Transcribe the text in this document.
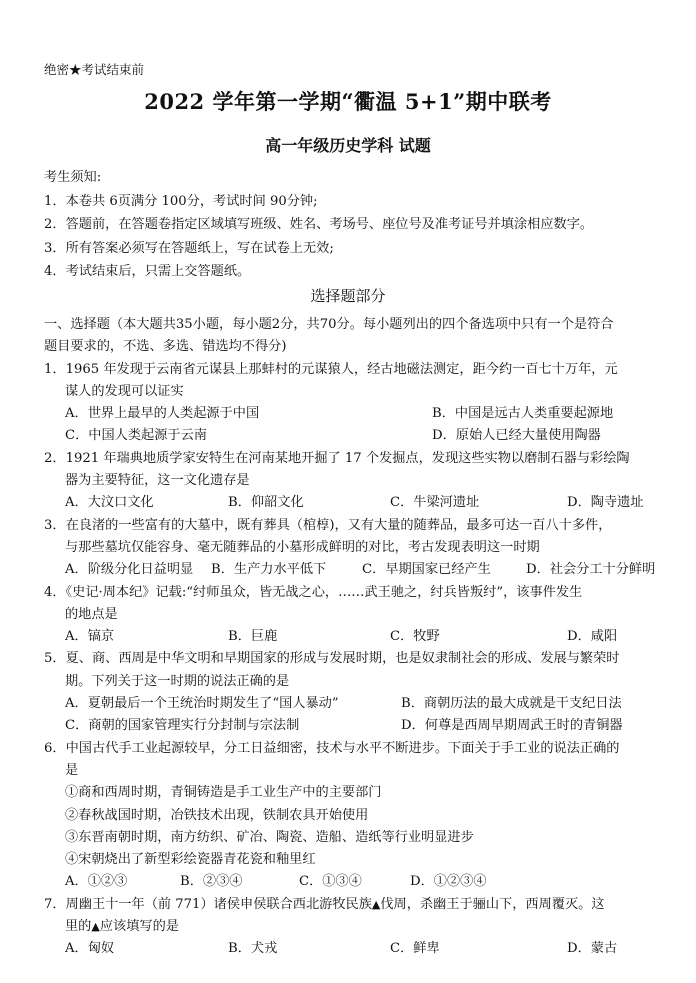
绝密★考试结束前
2022 学年第一学期“衢温 5+1”期中联考
高一年级历史学科 试题
考生须知:
1．本卷共 6页满分 100分，考试时间 90分钟;
2．答题前，在答题卷指定区域填写班级、姓名、考场号、座位号及准考证号并填涂相应数字。
3．所有答案必须写在答题纸上，写在试卷上无效;
4．考试结束后，只需上交答题纸。
选择题部分
一、选择题（本大题共35小题，每小题2分，共70分。每小题列出的四个备选项中只有一个是符合
题目要求的，不选、多选、错选均不得分)
1．1965 年发现于云南省元谋县上那蚌村的元谋猿人，经古地磁法测定，距今约一百七十万年，元
谋人的发现可以证实
A．世界上最早的人类起源于中国	B．中国是远古人类重要起源地
C．中国人类起源于云南	D．原始人已经大量使用陶器
2．1921 年瑞典地质学家安特生在河南某地开掘了 17 个发掘点，发现这些实物以磨制石器与彩绘陶
器为主要特征，这一文化遗存是
A．大汶口文化	B．仰韶文化	C．牛梁河遗址	D．陶寺遗址
3．在良渚的一些富有的大墓中，既有葬具（棺椁)，又有大量的随葬品，最多可达一百八十多件，
与那些墓坑仅能容身、毫无随葬品的小墓形成鲜明的对比，考古发现表明这一时期
A．阶级分化日益明显	B．生产力水平低下	C．早期国家已经产生	D．社会分工十分鲜明
4．《史记·周本纪》记载:“纣师虽众，皆无战之心，……武王驰之，纣兵皆叛纣”，该事件发生
的地点是
A．镐京	B．巨鹿	C．牧野	D．咸阳
5．夏、商、西周是中华文明和早期国家的形成与发展时期，也是奴隶制社会的形成、发展与繁荣时
期。下列关于这一时期的说法正确的是
A．夏朝最后一个王统治时期发生了“国人暴动”	B．商朝历法的最大成就是干支纪日法
C．商朝的国家管理实行分封制与宗法制	D．何尊是西周早期周武王时的青铜器
6．中国古代手工业起源较早，分工日益细密，技术与水平不断进步。下面关于手工业的说法正确的
是
①商和西周时期，青铜铸造是手工业生产中的主要部门
②春秋战国时期，冶铁技术出现，铁制农具开始使用
③东晋南朝时期，南方纺织、矿冶、陶瓷、造船、造纸等行业明显进步
④宋朝烧出了新型彩绘瓷器青花瓷和釉里红
A．①②③	B．②③④	C．①③④	D．①②③④
7．周幽王十一年（前 771）诸侯申侯联合西北游牧民族▲伐周，杀幽王于骊山下，西周覆灭。这
里的▲应该填写的是
A．匈奴	B．犬戎	C．鲜卑	D．蒙古
